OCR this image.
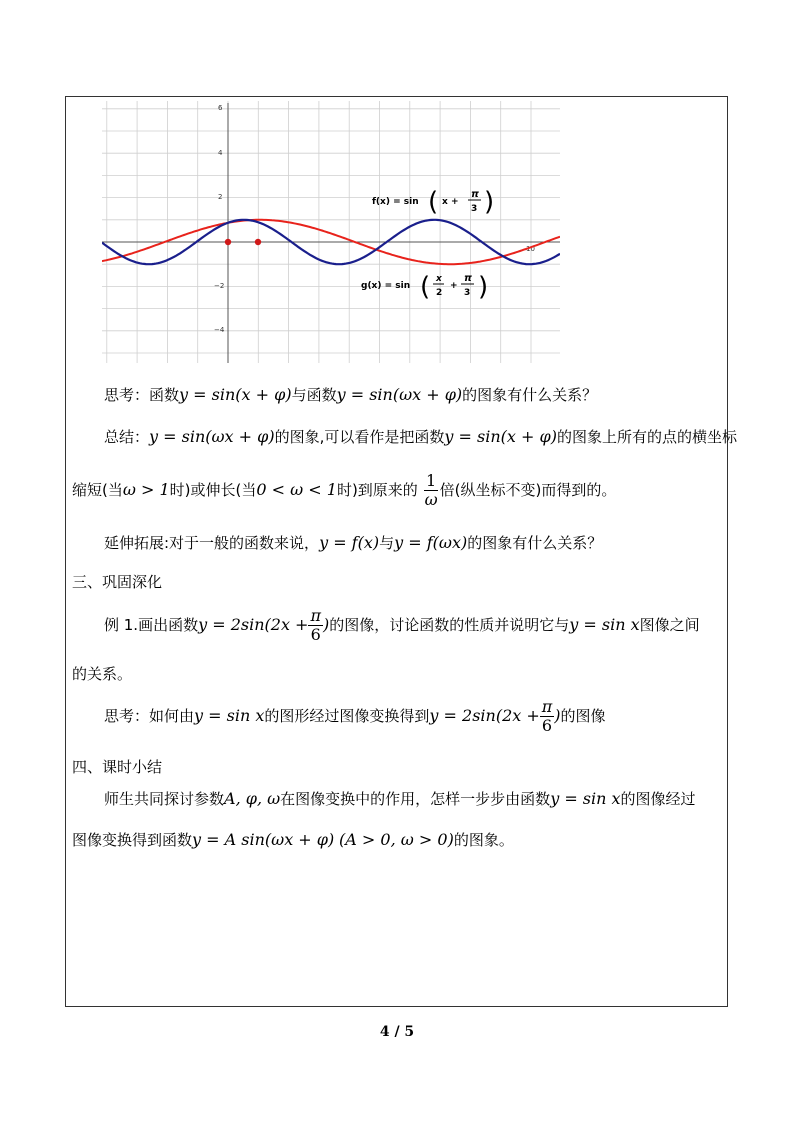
6
4
2
−2
−4
10
f(x) = sin ( x +
π
3 )
g(x) = sin ( x
2
+
π
3 )
思考：函数y = sin(x + φ)与函数y = sin(ωx + φ)的图象有什么关系？
总结：y = sin(ωx + φ)的图象,可以看作是把函数y = sin(x + φ)的图象上所有的点的横坐标
缩短(当ω > 1时)或伸长(当0 < ω < 1时)到原来的 $\frac{1}{\omega}$ 倍(纵坐标不变)而得到的。
延伸拓展:对于一般的函数来说，y = f(x)与y = f(ωx)的图象有什么关系？
三、巩固深化
例 1.画出函数$y = 2\sin(2x + \frac{\pi}{6}$ )的图像，讨论函数的性质并说明它与y = sin x图像之间
的关系。
思考：如何由y = sin x的图形经过图像变换得到$y = 2\sin(2x + \frac{\pi}{6}$ )的图像
四、课时小结
师生共同探讨参数A, φ, ω在图像变换中的作用，怎样一步步由函数y = sin x的图像经过
图像变换得到函数y = A sin(ωx + φ) (A > 0, ω > 0)的图象。
4 / 5
